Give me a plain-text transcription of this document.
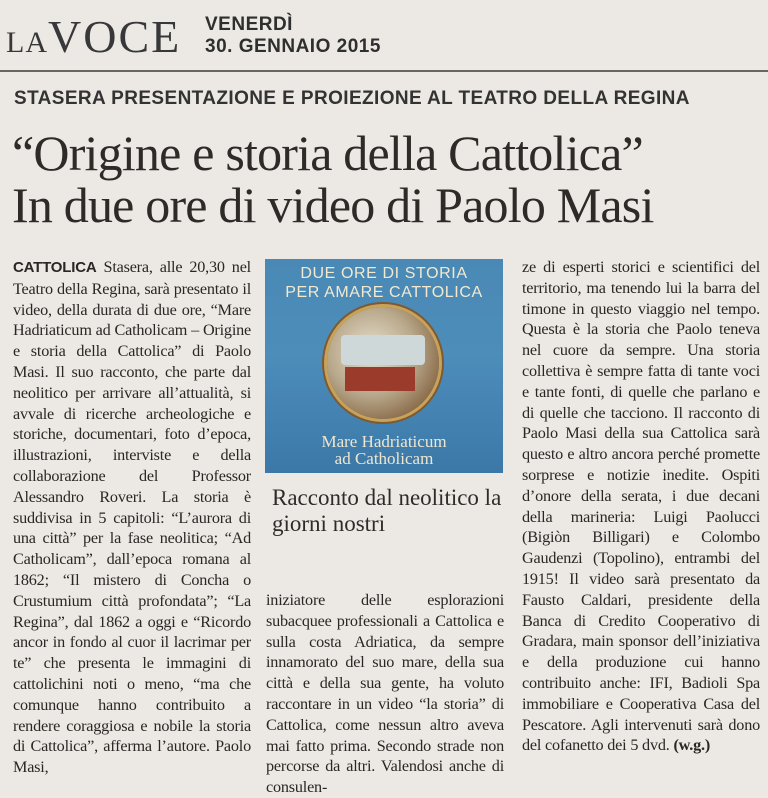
LAVOCE VENERDÌ
30. GENNAIO 2015
STASERA PRESENTAZIONE E PROIEZIONE AL TEATRO DELLA REGINA
“Origine e storia della Cattolica”
In due ore di video di Paolo Masi
CATTOLICA Stasera, alle 20,30 nel Teatro della Regina, sarà presentato il video, della durata di due ore, “Mare Hadriaticum ad Catholicam – Origine e storia della Cattolica” di Paolo Masi. Il suo racconto, che parte dal neolitico per arrivare all’attualità, si avvale di ricerche archeologiche e storiche, documentari, foto d’epoca, illustrazioni, interviste e della collaborazione del Professor Alessandro Roveri. La storia è suddivisa in 5 capitoli: “L’aurora di una città” per la fase neolitica; “Ad Catholicam”, dall’epoca romana al 1862; “Il mistero di Concha o Crustumium città profondata”; “La Regina”, dal 1862 a oggi e “Ricordo ancor in fondo al cuor il lacrimar per te” che presenta le immagini di cattolichini noti o meno, “ma che comunque hanno contribuito a rendere coraggiosa e nobile la storia di Cattolica”, afferma l’autore. Paolo Masi,
DUE ORE DI STORIA
PER AMARE CATTOLICA
Mare Hadriaticum
ad Catholicam
Racconto dal neolitico la giorni nostri
iniziatore delle esplorazioni subacquee professionali a Cattolica e sulla costa Adriatica, da sempre innamorato del suo mare, della sua città e della sua gente, ha voluto raccontare in un video “la storia” di Cattolica, come nessun altro aveva mai fatto prima. Secondo strade non percorse da altri. Valendosi anche di consulen-
ze di esperti storici e scientifici del territorio, ma tenendo lui la barra del timone in questo viaggio nel tempo. Questa è la storia che Paolo teneva nel cuore da sempre. Una storia collettiva è sempre fatta di tante voci e tante fonti, di quelle che parlano e di quelle che tacciono. Il racconto di Paolo Masi della sua Cattolica sarà questo e altro ancora perché promette sorprese e notizie inedite. Ospiti d’onore della serata, i due decani della marineria: Luigi Paolucci (Bigiòn Billigari) e Colombo Gaudenzi (Topolino), entrambi del 1915! Il video sarà presentato da Fausto Caldari, presidente della Banca di Credito Cooperativo di Gradara, main sponsor dell’iniziativa e della produzione cui hanno contribuito anche: IFI, Badioli Spa immobiliare e Cooperativa Casa del Pescatore. Agli intervenuti sarà dono del cofanetto dei 5 dvd. (w.g.)
